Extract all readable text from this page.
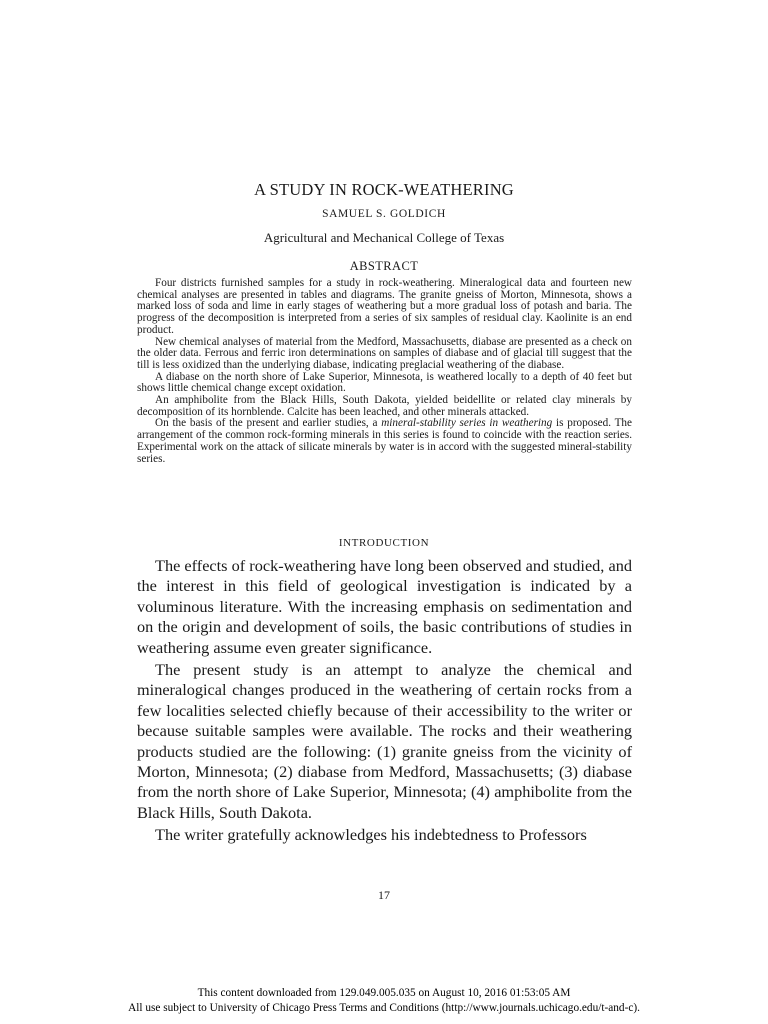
A STUDY IN ROCK-WEATHERING
SAMUEL S. GOLDICH
Agricultural and Mechanical College of Texas
ABSTRACT

Four districts furnished samples for a study in rock-weathering. Mineralogical data and fourteen new chemical analyses are presented in tables and diagrams. The granite gneiss of Morton, Minnesota, shows a marked loss of soda and lime in early stages of weathering but a more gradual loss of potash and baria. The progress of the decomposition is interpreted from a series of six samples of residual clay. Kaolinite is an end product.

New chemical analyses of material from the Medford, Massachusetts, diabase are presented as a check on the older data. Ferrous and ferric iron determinations on samples of diabase and of glacial till suggest that the till is less oxidized than the underlying diabase, indicating preglacial weathering of the diabase.

A diabase on the north shore of Lake Superior, Minnesota, is weathered locally to a depth of 40 feet but shows little chemical change except oxidation.

An amphibolite from the Black Hills, South Dakota, yielded beidellite or related clay minerals by decomposition of its hornblende. Calcite has been leached, and other minerals attacked.

On the basis of the present and earlier studies, a mineral-stability series in weathering is proposed. The arrangement of the common rock-forming minerals in this series is found to coincide with the reaction series. Experimental work on the attack of silicate minerals by water is in accord with the suggested mineral-stability series.

INTRODUCTION

The effects of rock-weathering have long been observed and studied, and the interest in this field of geological investigation is indicated by a voluminous literature. With the increasing emphasis on sedimentation and on the origin and development of soils, the basic contributions of studies in weathering assume even greater significance.

The present study is an attempt to analyze the chemical and mineralogical changes produced in the weathering of certain rocks from a few localities selected chiefly because of their accessibility to the writer or because suitable samples were available. The rocks and their weathering products studied are the following: (1) granite gneiss from the vicinity of Morton, Minnesota; (2) diabase from Medford, Massachusetts; (3) diabase from the north shore of Lake Superior, Minnesota; (4) amphibolite from the Black Hills, South Dakota.

The writer gratefully acknowledges his indebtedness to Professors

17
This content downloaded from 129.049.005.035 on August 10, 2016 01:53:05 AM
All use subject to University of Chicago Press Terms and Conditions (http://www.journals.uchicago.edu/t-and-c).
